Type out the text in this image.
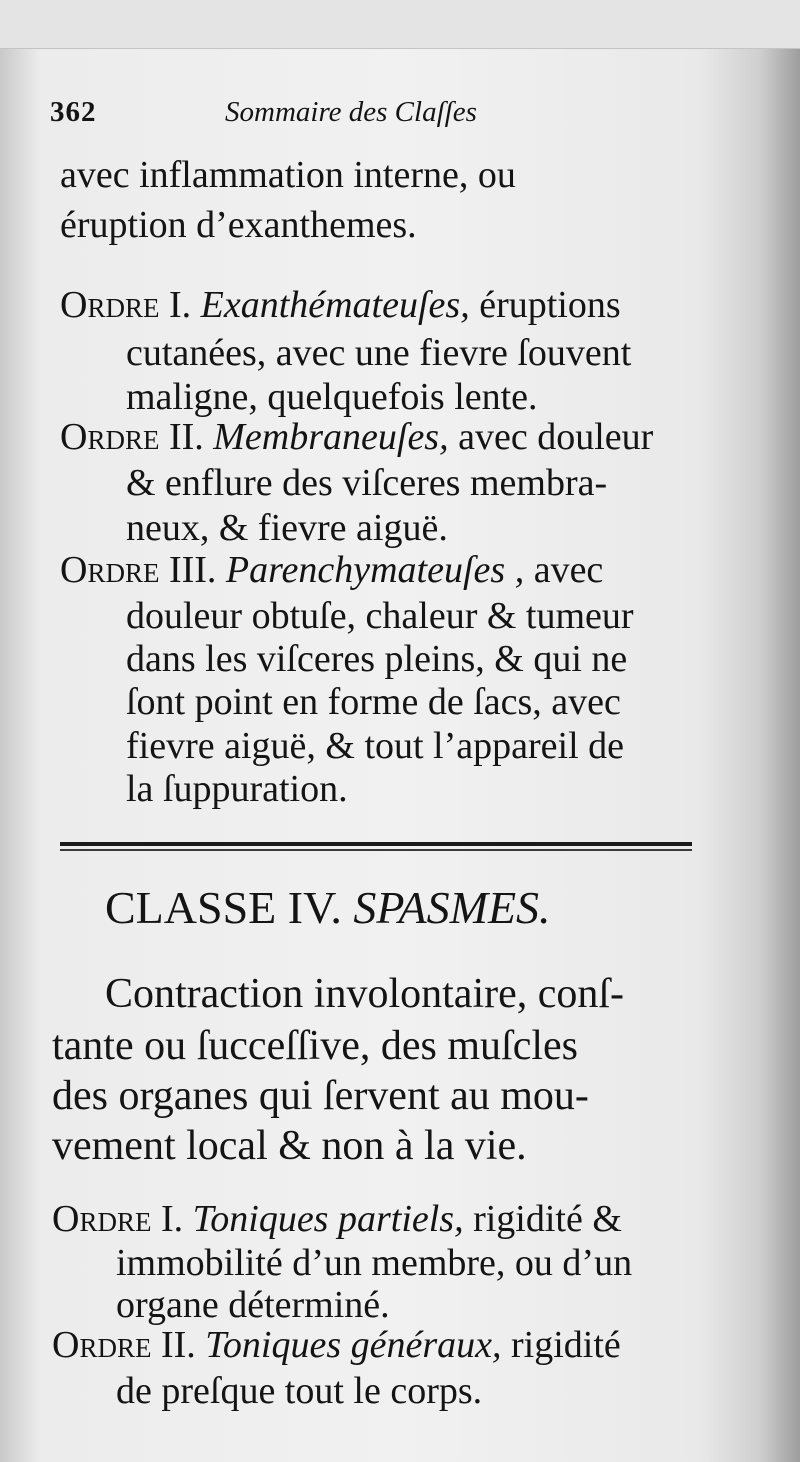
362	Sommaire des Claſſes
avec inflammation interne, ou
éruption d’exanthemes.
Ordre I. Exanthémateuſes, éruptions
cutanées, avec une fievre ſouvent
maligne, quelquefois lente.
Ordre II. Membraneuſes, avec douleur
& enflure des viſceres membra-
neux, & fievre aiguë.
Ordre III. Parenchymateuſes , avec
douleur obtuſe, chaleur & tumeur
dans les viſceres pleins, & qui ne
ſont point en forme de ſacs, avec
fievre aiguë, & tout l’appareil de
la ſuppuration.
CLASSE IV. SPASMES.
Contraction involontaire, conſ-
tante ou ſucceſſive, des muſcles
des organes qui ſervent au mou-
vement local & non à la vie.
Ordre I. Toniques partiels, rigidité &
immobilité d’un membre, ou d’un
organe déterminé.
Ordre II. Toniques généraux, rigidité
de preſque tout le corps.
